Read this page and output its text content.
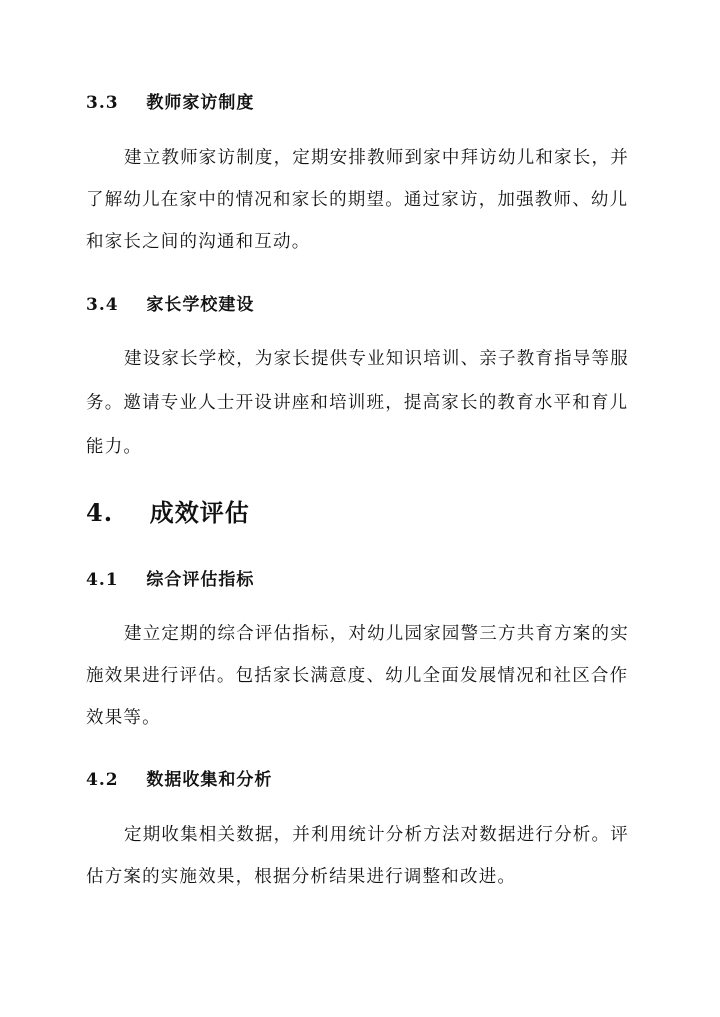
3.3 教师家访制度
建立教师家访制度，定期安排教师到家中拜访幼儿和家长，并
了解幼儿在家中的情况和家长的期望。通过家访，加强教师、幼儿
和家长之间的沟通和互动。
3.4 家长学校建设
建设家长学校，为家长提供专业知识培训、亲子教育指导等服
务。邀请专业人士开设讲座和培训班，提高家长的教育水平和育儿
能力。
4. 成效评估
4.1 综合评估指标
建立定期的综合评估指标，对幼儿园家园警三方共育方案的实
施效果进行评估。包括家长满意度、幼儿全面发展情况和社区合作
效果等。
4.2 数据收集和分析
定期收集相关数据，并利用统计分析方法对数据进行分析。评
估方案的实施效果，根据分析结果进行调整和改进。
